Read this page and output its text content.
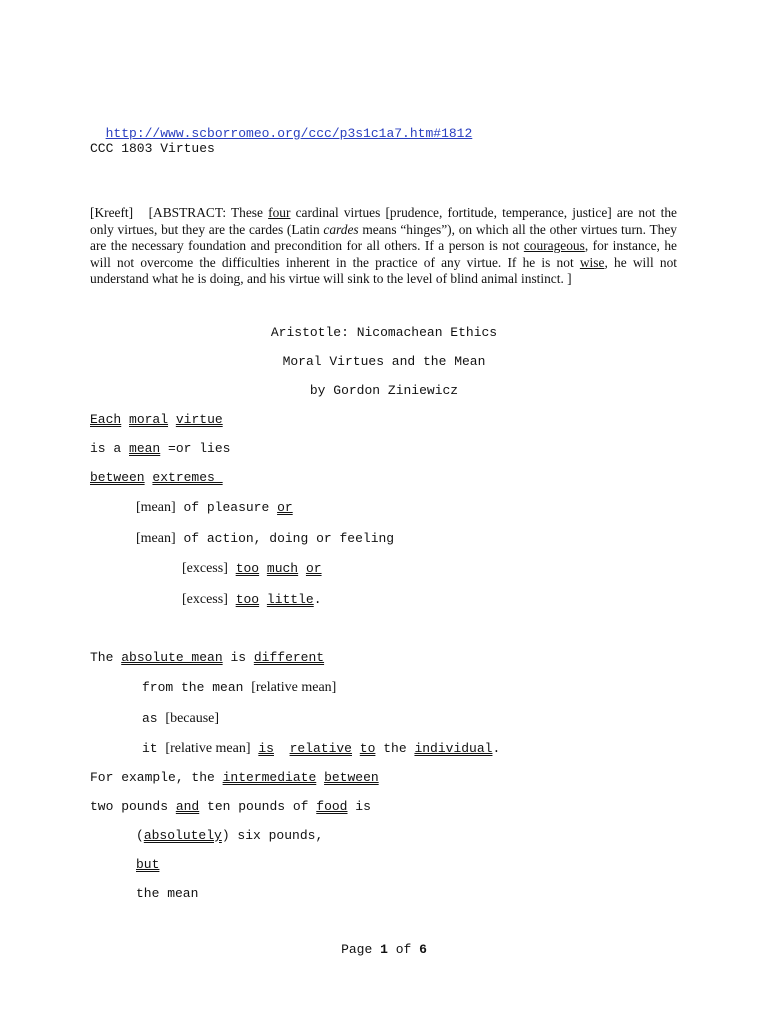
http://www.scborromeo.org/ccc/p3s1c1a7.htm#1812

CCC 1803 Virtues
[Kreeft] [ABSTRACT: These four cardinal virtues [prudence, fortitude, temperance, justice] are not the only virtues, but they are the cardes (Latin cardes means “hinges”), on which all the other virtues turn. They are the necessary foundation and precondition for all others. If a person is not courageous, for instance, he will not overcome the difficulties inherent in the practice of any virtue. If he is not wise, he will not understand what he is doing, and his virtue will sink to the level of blind animal instinct. ]
Aristotle: Nicomachean Ethics
Moral Virtues and the Mean
by Gordon Ziniewicz
Each moral virtue
is a mean =or lies
between extremes
[mean] of pleasure or
[mean] of action, doing or feeling
[excess] too much or
[excess] too little.
The absolute mean is different
from the mean [relative mean]
as [because]
it [relative mean] is relative to the individual.
For example, the intermediate between
two pounds and ten pounds of food is
(absolutely) six pounds,
but
the mean
Page 1 of 6
